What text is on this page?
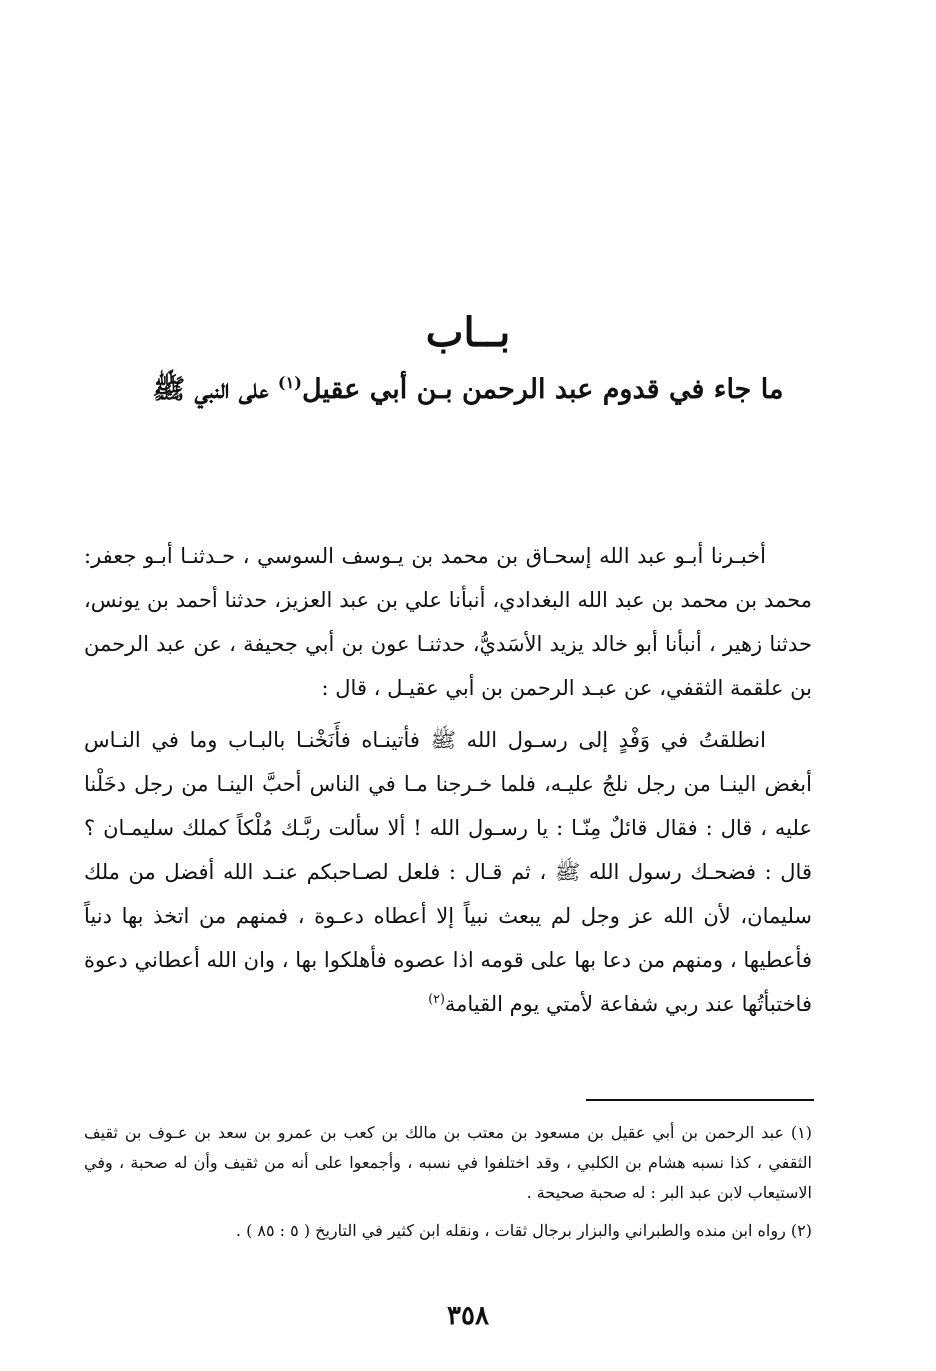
بــاب
ما جاء في قدوم عبد الرحمن بـن أبي عقيل$^{(١)}$ على النبي ﷺ

أخبـرنا أبـو عبد الله إسحـاق بن محمد بن يـوسف السوسي ، حـدثنـا أبـو جعفر: محمد بن محمد بن عبد الله البغدادي، أنبأنا علي بن عبد العزيز، حدثنا أحمد بن يونس، حدثنا زهير ، أنبأنا أبو خالد يزيد الأسَديُّ، حدثنـا عون بن أبي جحيفة ، عن عبد الرحمن بن علقمة الثقفي، عن عبـد الرحمن بن أبي عقيـل ، قال :

انطلقتُ في وَفْدٍ إلى رسـول الله ﷺ فأتينـاه فأَنَخْنـا بالبـاب وما في النـاس أبغض الينـا من رجل نلجُ عليـه، فلما خـرجنا مـا في الناس أحبَّ الينـا من رجل دخَلْنا عليه ، قال : فقال قائلٌ مِنّـا : يا رسـول الله ! ألا سألت ربَّـك مُلْكاً كملك سليمـان ؟ قال : فضحـك رسول الله ﷺ ، ثم قـال : فلعل لصـاحبكم عنـد الله أفضل من ملك سليمان، لأن الله عز وجل لم يبعث نبياً إلا أعطاه دعـوة ، فمنهم من اتخذ بها دنياً فأعطيها ، ومنهم من دعا بها على قومه اذا عصوه فأهلكوا بها ، وان الله أعطاني دعوة فاختبأتُها عند ربي شفاعة لأمتي يوم القيامة$^{(٢)}$

(١) عبد الرحمن بن أبي عقيل بن مسعود بن معتب بن مالك بن كعب بن عمرو بن سعد بن عـوف بن ثقيف الثقفي ، كذا نسبه هشام بن الكلبي ، وقد اختلفوا في نسبه ، وأجمعوا على أنه من ثقيف وأن له صحبة ، وفي الاستيعاب لابن عبد البر : له صحبة صحيحة .

(٢) رواه ابن منده والطبراني والبزار برجال ثقات ، ونقله ابن كثير في التاريخ ( ٥ : ٨٥ ) .

٣٥٨
